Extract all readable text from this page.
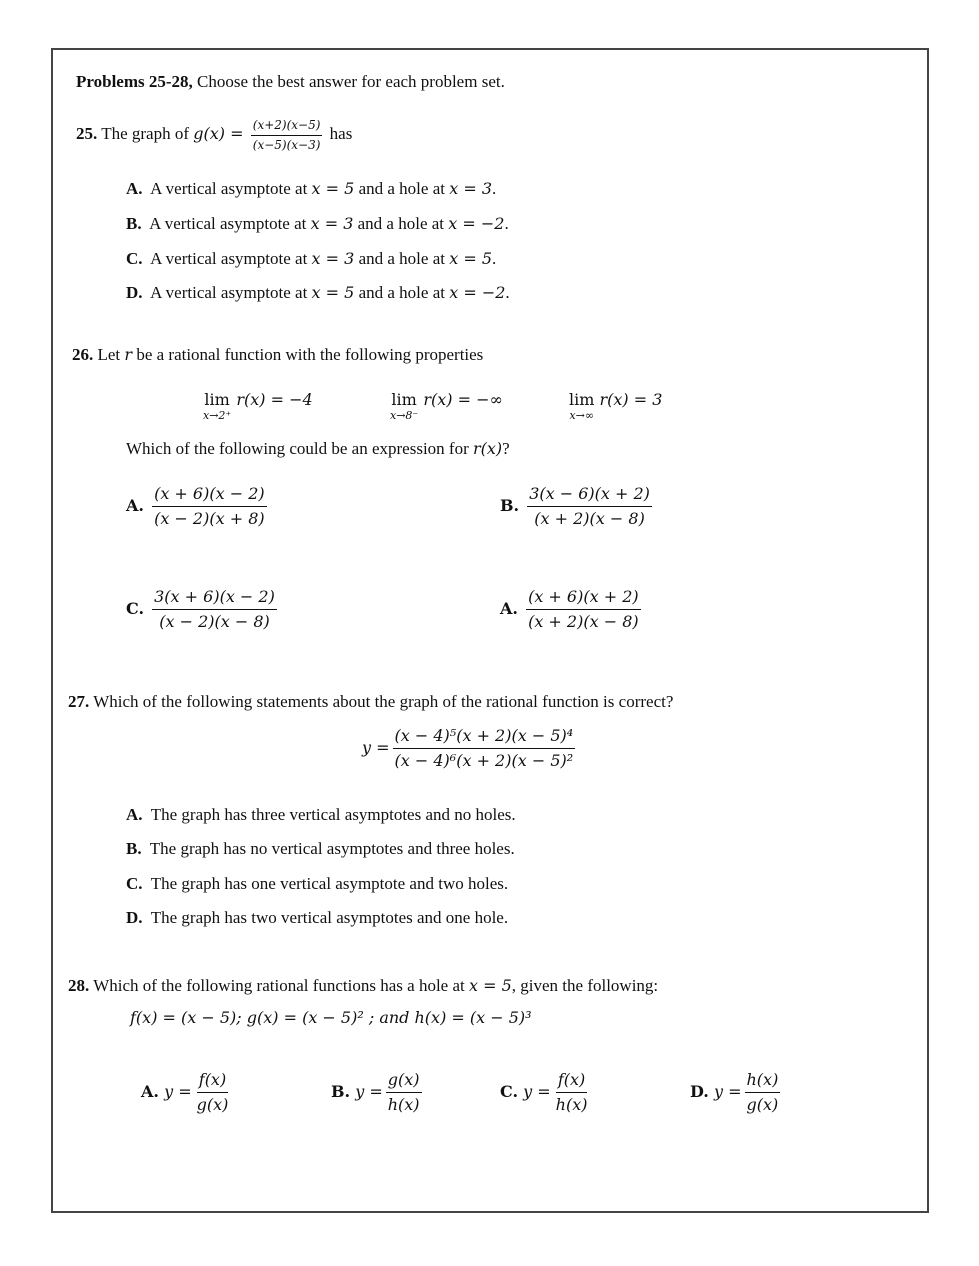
Problems 25-28, Choose the best answer for each problem set.
25. The graph of $g(x) = \frac{(x+2)(x-5)}{(x-5)(x-3)}$ has
A. A vertical asymptote at x = 5 and a hole at x = 3.
B. A vertical asymptote at x = 3 and a hole at x = −2.
C. A vertical asymptote at x = 3 and a hole at x = 5.
D. A vertical asymptote at x = 5 and a hole at x = −2.
26. Let r be a rational function with the following properties
lim
x→2⁺
r(x) = −4	lim
x→8⁻
r(x) = −∞	lim
x→∞
r(x) = 3
Which of the following could be an expression for r(x)?
A. $\frac{(x + 6)(x - 2)}{(x - 2)(x + 8)}$	B. $\frac{3(x - 6)(x + 2)}{(x + 2)(x - 8)}$
C. $\frac{3(x + 6)(x - 2)}{(x - 2)(x - 8)}$	A. $\frac{(x + 6)(x + 2)}{(x + 2)(x - 8)}$
27. Which of the following statements about the graph of the rational function is correct?
$y = \frac{\text{(x − 4)⁵(x + 2)(x − 5)⁴}}{\text{(x − 4)⁶(x + 2)(x − 5)²}}$
A. The graph has three vertical asymptotes and no holes.
B. The graph has no vertical asymptotes and three holes.
C. The graph has one vertical asymptote and two holes.
D. The graph has two vertical asymptotes and one hole.
28. Which of the following rational functions has a hole at x = 5, given the following:
f(x) = (x − 5); g(x) = (x − 5)² ; and h(x) = (x − 5)³
A. $y = \frac{f(x)}{g(x)}$	B. $y = \frac{g(x)}{h(x)}$	C. $y = \frac{f(x)}{h(x)}$	D. $y = \frac{h(x)}{g(x)}$
